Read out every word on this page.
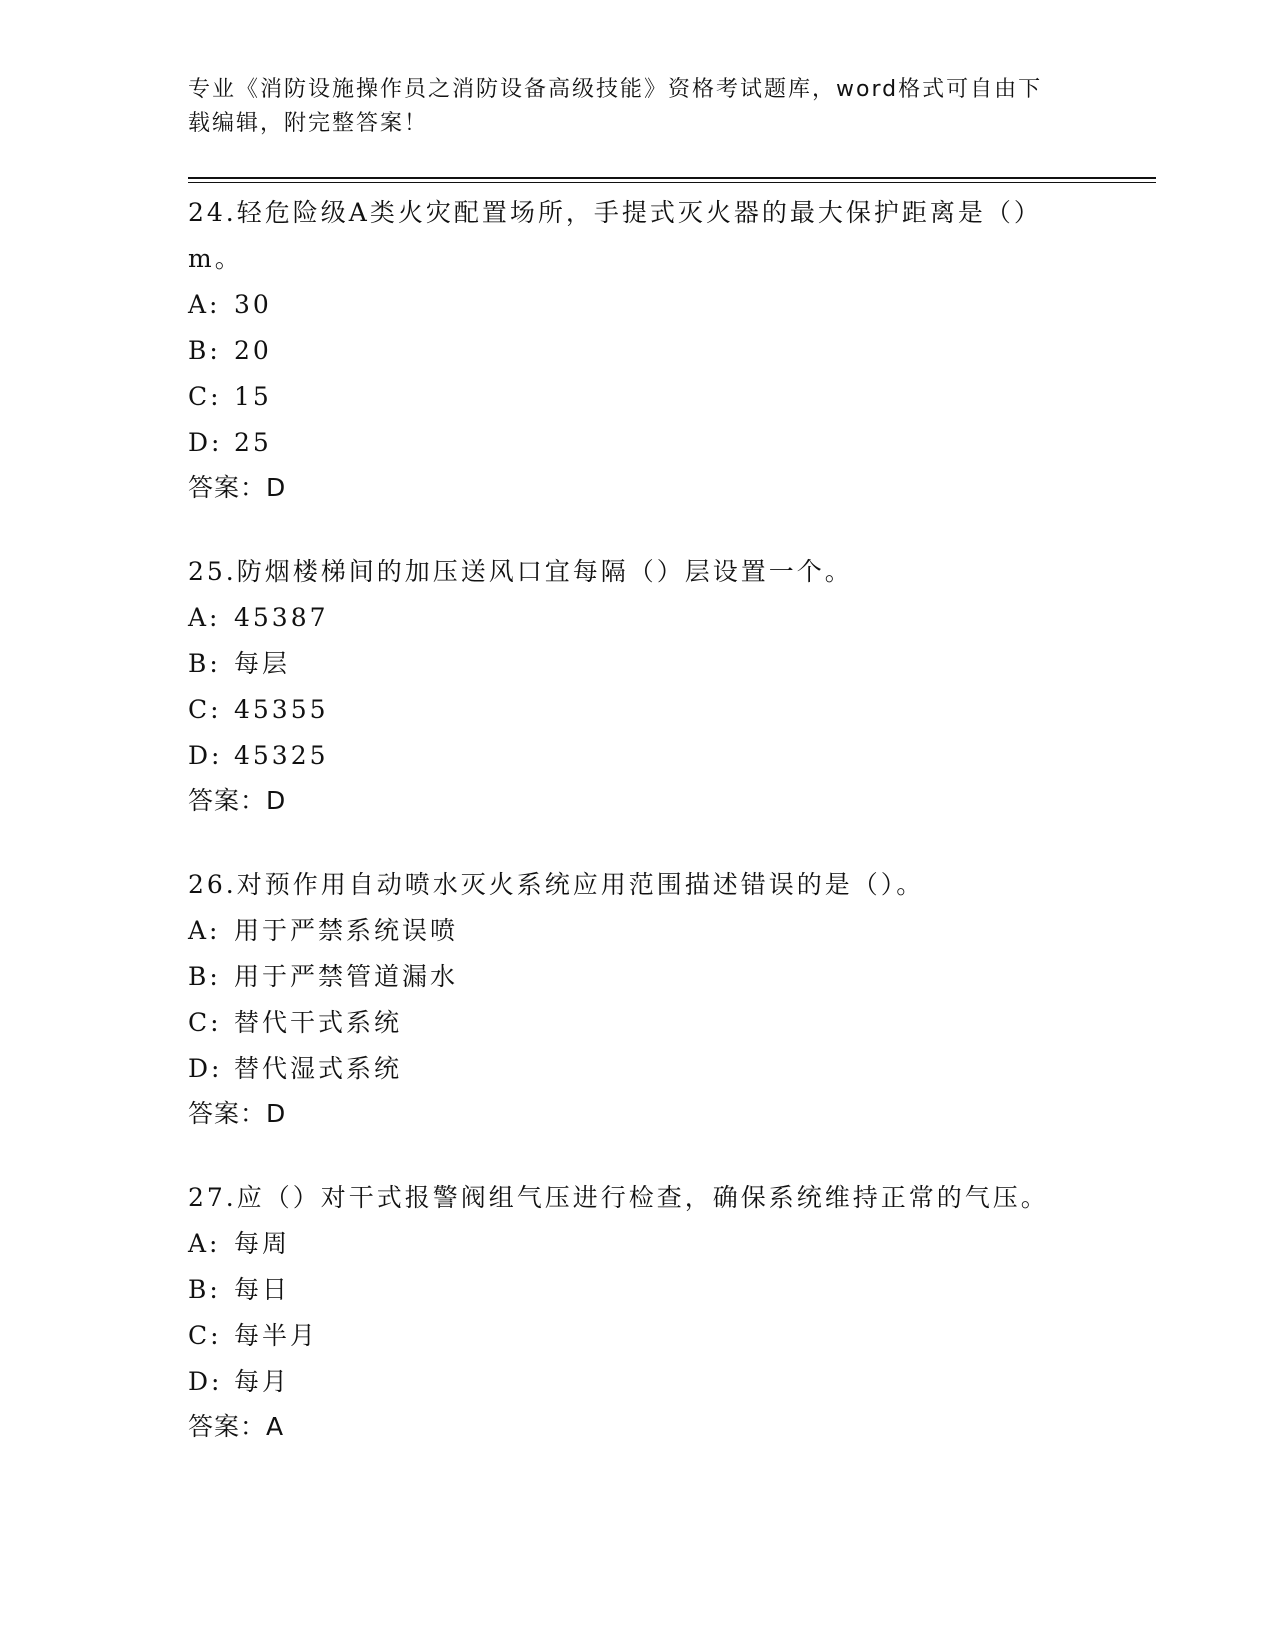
专业《消防设施操作员之消防设备高级技能》资格考试题库，word格式可自由下
载编辑，附完整答案！
24.轻危险级A类火灾配置场所，手提式灭火器的最大保护距离是（）
m。
A: 30
B: 20
C: 15
D: 25
答案：D
25.防烟楼梯间的加压送风口宜每隔（）层设置一个。
A: 45387
B: 每层
C: 45355
D: 45325
答案：D
26.对预作用自动喷水灭火系统应用范围描述错误的是（）。
A: 用于严禁系统误喷
B: 用于严禁管道漏水
C: 替代干式系统
D: 替代湿式系统
答案：D
27.应（）对干式报警阀组气压进行检查，确保系统维持正常的气压。
A: 每周
B: 每日
C: 每半月
D: 每月
答案：A
